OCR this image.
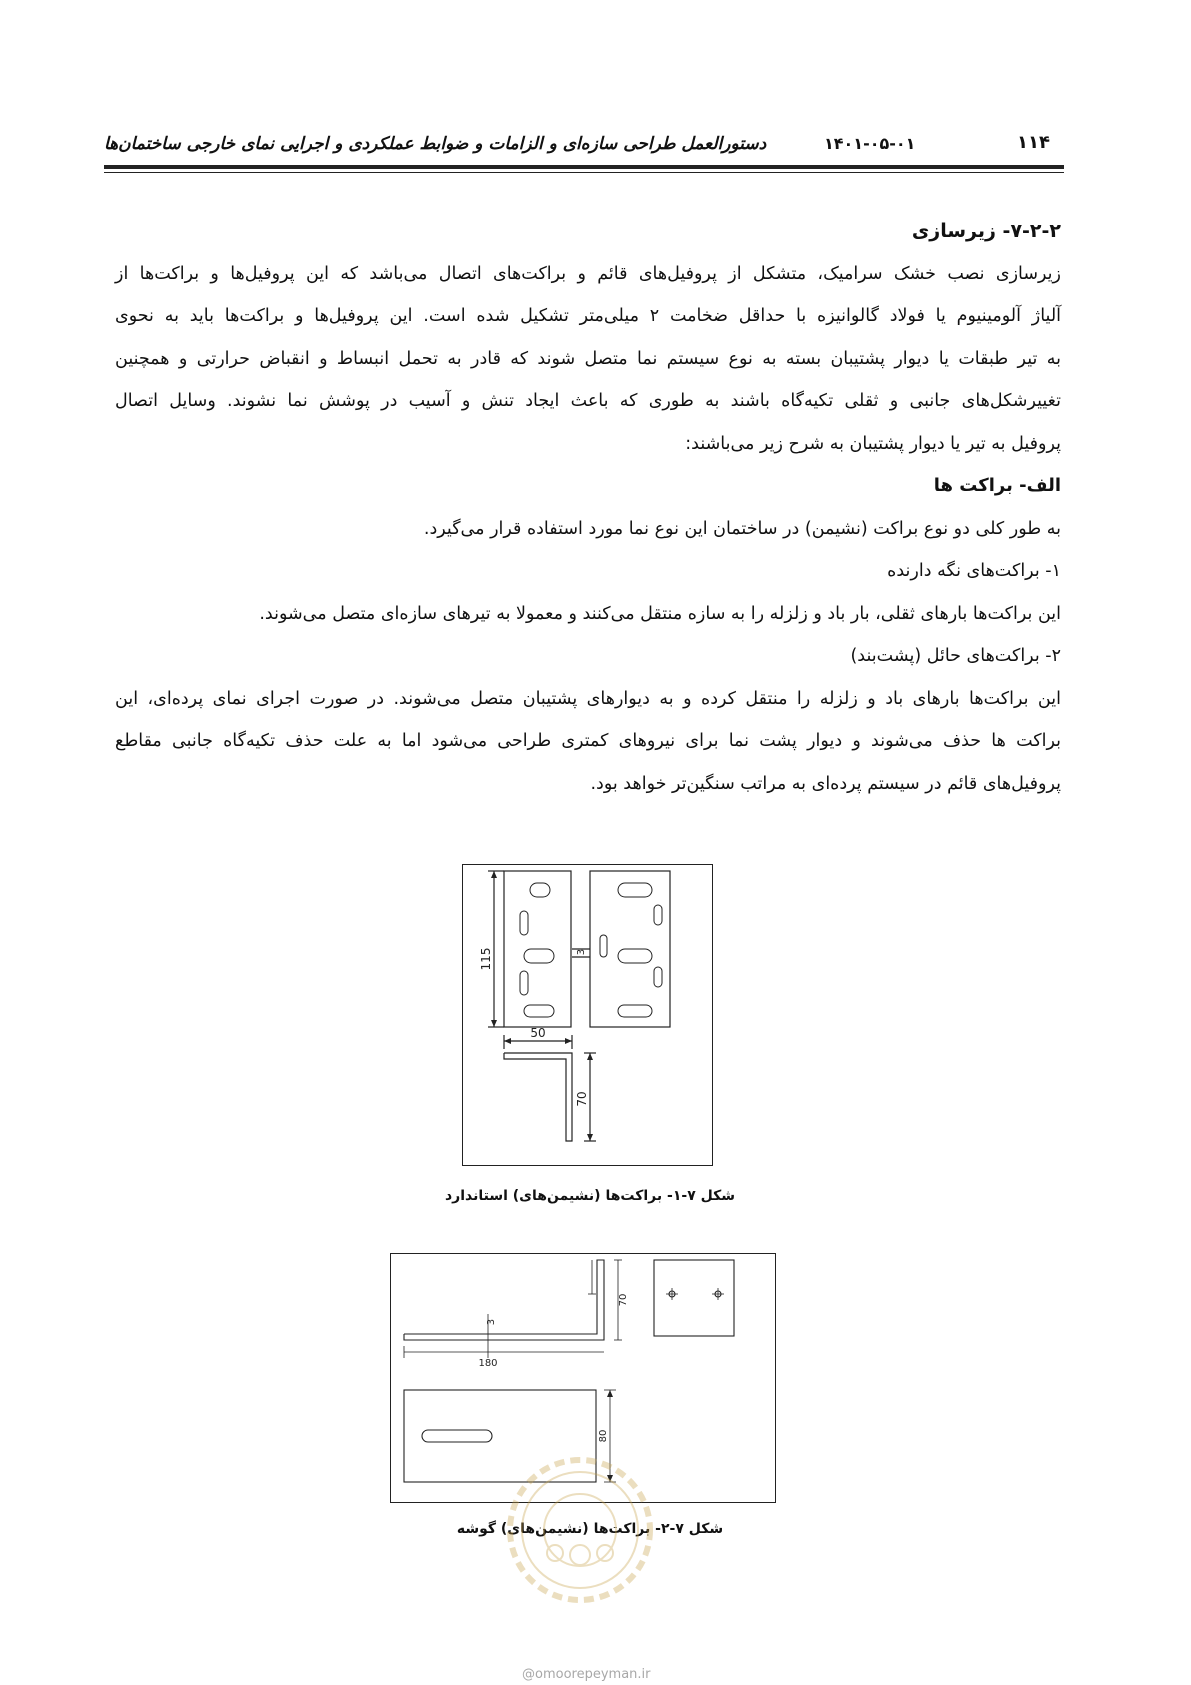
۱۱۴
۱۴۰۱-۰۵-۰۱
دستورالعمل طراحی سازه‌ای و الزامات و ضوابط عملکردی و اجرایی نمای خارجی ساختمان‌ها
۷-۲-۲- زیرسازی
زیرسازی نصب خشک سرامیک، متشکل از پروفیل‌های قائم و براکت‌های اتصال می‌باشد که این پروفیل‌ها و براکت‌ها از
آلیاژ آلومینیوم یا فولاد گالوانیزه با حداقل ضخامت ۲ میلی‌متر تشکیل شده است. این پروفیل‌ها و براکت‌ها باید به نحوی
به تیر طبقات یا دیوار پشتیبان بسته به نوع سیستم نما متصل شوند که قادر به تحمل انبساط و انقباض حرارتی و همچنین
تغییرشکل‌های جانبی و ثقلی تکیه‌گاه باشند به طوری که باعث ایجاد تنش و آسیب در پوشش نما نشوند. وسایل اتصال
پروفیل به تیر یا دیوار پشتیبان به شرح زیر می‌باشند:
الف- براکت ها
به طور کلی دو نوع براکت (نشیمن) در ساختمان این نوع نما مورد استفاده قرار می‌گیرد.
۱- براکت‌های نگه دارنده
این براکت‌ها بارهای ثقلی، بار باد و زلزله را به سازه منتقل می‌کنند و معمولا به تیرهای سازه‌ای متصل می‌شوند.
۲- براکت‌های حائل (پشت‌بند)
این براکت‌ها بارهای باد و زلزله را منتقل کرده و به دیوارهای پشتیبان متصل می‌شوند. در صورت اجرای نمای پرده‌ای، این
براکت ها حذف می‌شوند و دیوار پشت نما برای نیروهای کمتری طراحی می‌شود اما به علت حذف تکیه‌گاه جانبی مقاطع
پروفیل‌های قائم در سیستم پرده‌ای به مراتب سنگین‌تر خواهد بود.
115	3
50
70
شکل ۷-۱- براکت‌ها (نشیمن‌های) استاندارد
70
3
180
80
شکل ۷-۲- براکت‌ها (نشیمن‌های) گوشه
@omoorepeyman.ir
